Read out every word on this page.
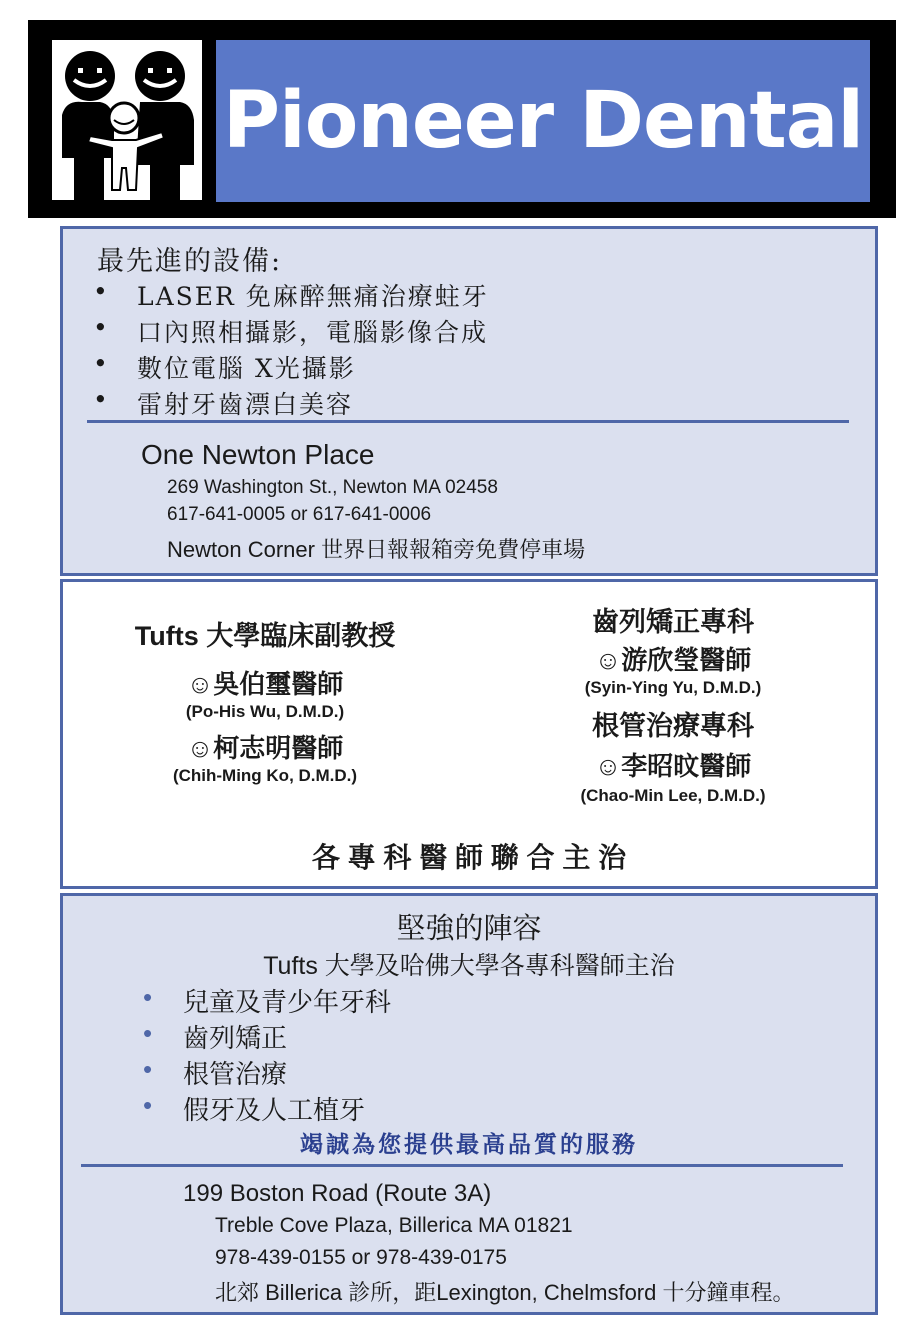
Pioneer Dental
最先進的設備:
• LASER 免麻醉無痛治療蛀牙
• 口內照相攝影，電腦影像合成
• 數位電腦 X光攝影
• 雷射牙齒漂白美容
One Newton Place
269 Washington St., Newton MA 02458
617-641-0005 or 617-641-0006
Newton Corner 世界日報報箱旁免費停車場
Tufts 大學臨床副教授
☺吳伯璽醫師
(Po-His Wu, D.M.D.)
☺柯志明醫師
(Chih-Ming Ko, D.M.D.)
齒列矯正專科
☺游欣瑩醫師
(Syin-Ying Yu, D.M.D.)
根管治療專科
☺李昭旼醫師
(Chao-Min Lee, D.M.D.)
各 專 科 醫 師 聯 合 主 治
堅強的陣容
Tufts 大學及哈佛大學各專科醫師主治
• 兒童及青少年牙科
• 齒列矯正
• 根管治療
• 假牙及人工植牙
竭誠為您提供最高品質的服務
199 Boston Road (Route 3A)
Treble Cove Plaza, Billerica MA 01821
978-439-0155 or 978-439-0175
北郊 Billerica 診所，距Lexington, Chelmsford 十分鐘車程。
